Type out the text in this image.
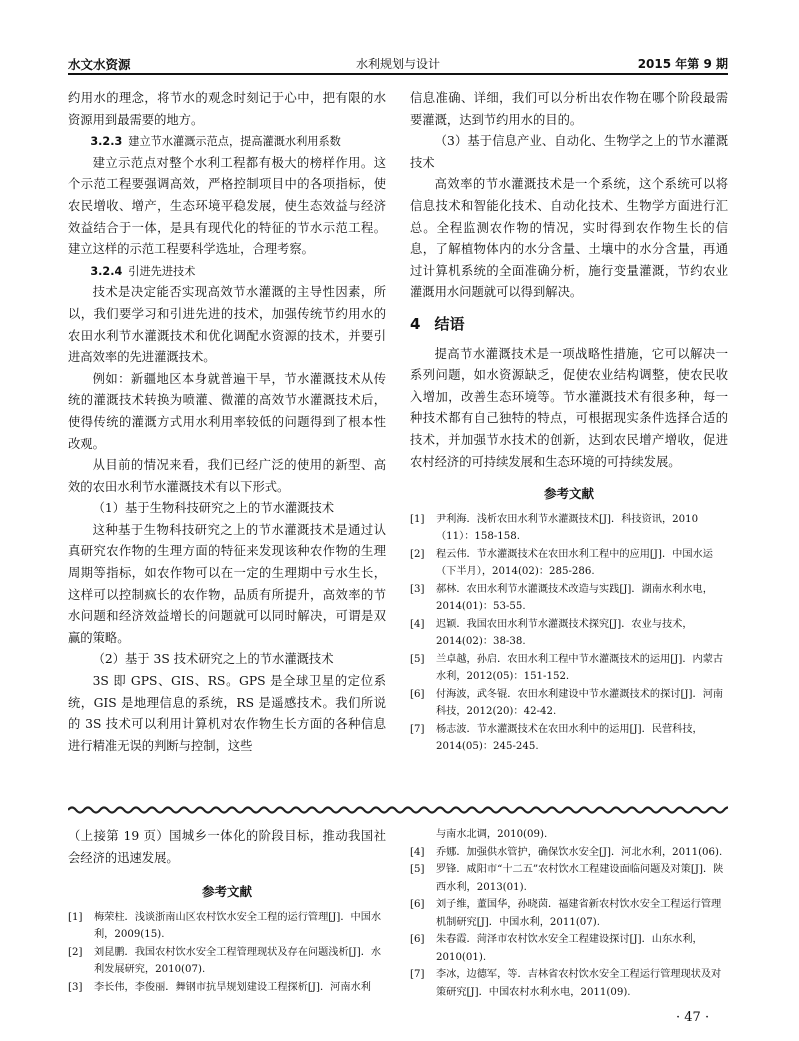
水文水资源	水利规划与设计	2015 年第 9 期

约用水的理念，将节水的观念时刻记于心中，把有限的水资源用到最需要的地方。

3.2.3 建立节水灌溉示范点，提高灌溉水利用系数

建立示范点对整个水利工程都有极大的榜样作用。这个示范工程要强调高效，严格控制项目中的各项指标，使农民增收、增产，生态环境平稳发展，使生态效益与经济效益结合于一体，是具有现代化的特征的节水示范工程。建立这样的示范工程要科学选址，合理考察。

3.2.4 引进先进技术

技术是决定能否实现高效节水灌溉的主导性因素，所以，我们要学习和引进先进的技术，加强传统节约用水的农田水利节水灌溉技术和优化调配水资源的技术，并要引进高效率的先进灌溉技术。

例如：新疆地区本身就普遍干旱，节水灌溉技术从传统的灌溉技术转换为喷灌、微灌的高效节水灌溉技术后，使得传统的灌溉方式用水利用率较低的问题得到了根本性改观。

从目前的情况来看，我们已经广泛的使用的新型、高效的农田水利节水灌溉技术有以下形式。

（1）基于生物科技研究之上的节水灌溉技术

这种基于生物科技研究之上的节水灌溉技术是通过认真研究农作物的生理方面的特征来发现该种农作物的生理周期等指标，如农作物可以在一定的生理期中亏水生长，这样可以控制疯长的农作物，品质有所提升，高效率的节水问题和经济效益增长的问题就可以同时解决，可谓是双赢的策略。

（2）基于 3S 技术研究之上的节水灌溉技术

3S 即 GPS、GIS、RS。GPS 是全球卫星的定位系统，GIS 是地理信息的系统，RS 是遥感技术。我们所说的 3S 技术可以利用计算机对农作物生长方面的各种信息进行精准无误的判断与控制，这些

信息准确、详细，我们可以分析出农作物在哪个阶段最需要灌溉，达到节约用水的目的。

（3）基于信息产业、自动化、生物学之上的节水灌溉技术

高效率的节水灌溉技术是一个系统，这个系统可以将信息技术和智能化技术、自动化技术、生物学方面进行汇总。全程监测农作物的情况，实时得到农作物生长的信息，了解植物体内的水分含量、土壤中的水分含量，再通过计算机系统的全面准确分析，施行变量灌溉，节约农业灌溉用水问题就可以得到解决。

4 结语

提高节水灌溉技术是一项战略性措施，它可以解决一系列问题，如水资源缺乏，促使农业结构调整，使农民收入增加，改善生态环境等。节水灌溉技术有很多种，每一种技术都有自己独特的特点，可根据现实条件选择合适的技术，并加强节水技术的创新，达到农民增产增收，促进农村经济的可持续发展和生态环境的可持续发展。

参考文献
[1] 尹利海．浅析农田水利节水灌溉技术[J]．科技资讯，2010（11）：158-158.
[2] 程云伟．节水灌溉技术在农田水利工程中的应用[J]．中国水运（下半月），2014(02)：285-286.
[3] 郝林．农田水利节水灌溉技术改造与实践[J]．湖南水利水电，2014(01)：53-55.
[4] 迟颖．我国农田水利节水灌溉技术探究[J]．农业与技术，2014(02)：38-38.
[5] 兰卓越，孙启．农田水利工程中节水灌溉技术的运用[J]．内蒙古水利，2012(05)：151-152.
[6] 付海波，武冬锟．农田水利建设中节水灌溉技术的探讨[J]．河南科技，2012(20)：42-42.
[7] 杨志波．节水灌溉技术在农田水利中的运用[J]．民营科技，2014(05)：245-245.

（上接第 19 页）国城乡一体化的阶段目标，推动我国社会经济的迅速发展。

参考文献
[1] 梅荣柱．浅谈浙南山区农村饮水安全工程的运行管理[J]．中国水利，2009(15).
[2] 刘昆鹏．我国农村饮水安全工程管理现状及存在问题浅析[J]．水利发展研究，2010(07).
[3] 李长伟，李俊丽．舞钢市抗旱规划建设工程探析[J]．河南水利
与南水北调，2010(09).
[4] 乔娜．加强供水管护，确保饮水安全[J]．河北水利，2011(06).
[5] 罗锋．咸阳市“十二五”农村饮水工程建设面临问题及对策[J]．陕西水利，2013(01).
[6] 刘子维，董国华，孙晓茵．福建省新农村饮水安全工程运行管理机制研究[J]．中国水利，2011(07).
[6] 朱春霞．菏泽市农村饮水安全工程建设探讨[J]．山东水利，2010(01).
[7] 李冰，边德军，等．吉林省农村饮水安全工程运行管理现状及对策研究[J]．中国农村水利水电，2011(09).
· 47 ·
